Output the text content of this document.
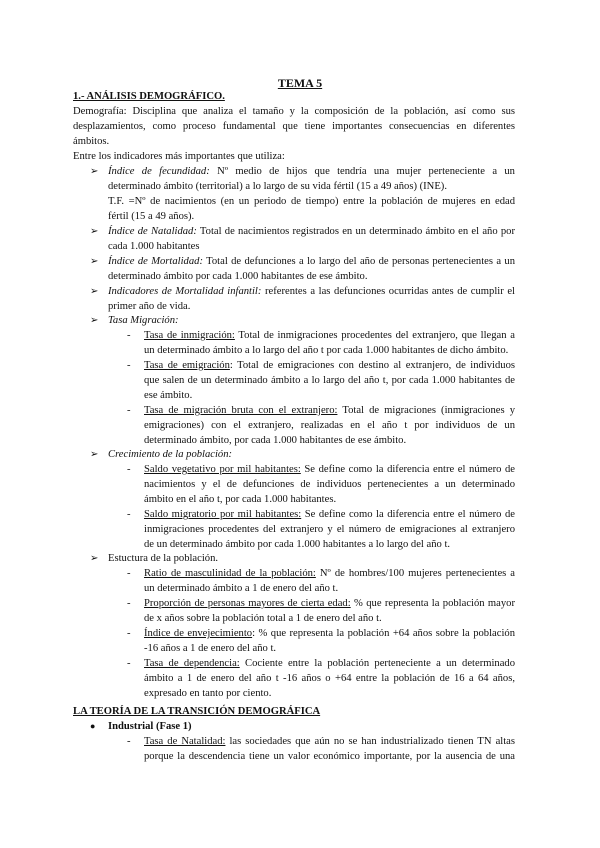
TEMA 5
1.- ANÁLISIS DEMOGRÁFICO.
Demografía: Disciplina que analiza el tamaño y la composición de la población, así como sus
desplazamientos, como proceso fundamental que tiene importantes consecuencias en diferentes
ámbitos.
Entre los indicadores más importantes que utiliza:
➢ Índice de fecundidad: Nº medio de hijos que tendría una mujer perteneciente a un
determinado ámbito (territorial) a lo largo de su vida fértil (15 a 49 años) (INE).
T.F. =Nº de nacimientos (en un periodo de tiempo) entre la población de mujeres en edad
fértil (15 a 49 años).
➢ Índice de Natalidad: Total de nacimientos registrados en un determinado ámbito en el año por
cada 1.000 habitantes
➢ Índice de Mortalidad: Total de defunciones a lo largo del año de personas pertenecientes a un
determinado ámbito por cada 1.000 habitantes de ese ámbito.
➢ Indicadores de Mortalidad infantil: referentes a las defunciones ocurridas antes de cumplir el
primer año de vida.
➢ Tasa Migración:
- Tasa de inmigración: Total de inmigraciones procedentes del extranjero, que llegan a
un determinado ámbito a lo largo del año t por cada 1.000 habitantes de dicho ámbito.
- Tasa de emigración: Total de emigraciones con destino al extranjero, de individuos
que salen de un determinado ámbito a lo largo del año t, por cada 1.000 habitantes de
ese ámbito.
- Tasa de migración bruta con el extranjero: Total de migraciones (inmigraciones y
emigraciones) con el extranjero, realizadas en el año t por individuos de un
determinado ámbito, por cada 1.000 habitantes de ese ámbito.
➢ Crecimiento de la población:
- Saldo vegetativo por mil habitantes: Se define como la diferencia entre el número de
nacimientos y el de defunciones de individuos pertenecientes a un determinado
ámbito en el año t, por cada 1.000 habitantes.
- Saldo migratorio por mil habitantes: Se define como la diferencia entre el número de
inmigraciones procedentes del extranjero y el número de emigraciones al extranjero
de un determinado ámbito por cada 1.000 habitantes a lo largo del año t.
➢ Estuctura de la población.
- Ratio de masculinidad de la población: Nº de hombres/100 mujeres pertenecientes a
un determinado ámbito a 1 de enero del año t.
- Proporción de personas mayores de cierta edad: % que representa la población mayor
de x años sobre la población total a 1 de enero del año t.
- Índice de envejecimiento: % que representa la población +64 años sobre la población
-16 años a 1 de enero del año t.
- Tasa de dependencia: Cociente entre la población perteneciente a un determinado
ámbito a 1 de enero del año t -16 años o +64 entre la población de 16 a 64 años,
expresado en tanto por ciento.
LA TEORÍA DE LA TRANSICIÓN DEMOGRÁFICA
● Industrial (Fase 1)
- Tasa de Natalidad: las sociedades que aún no se han industrializado tienen TN altas
porque la descendencia tiene un valor económico importante, por la ausencia de una
